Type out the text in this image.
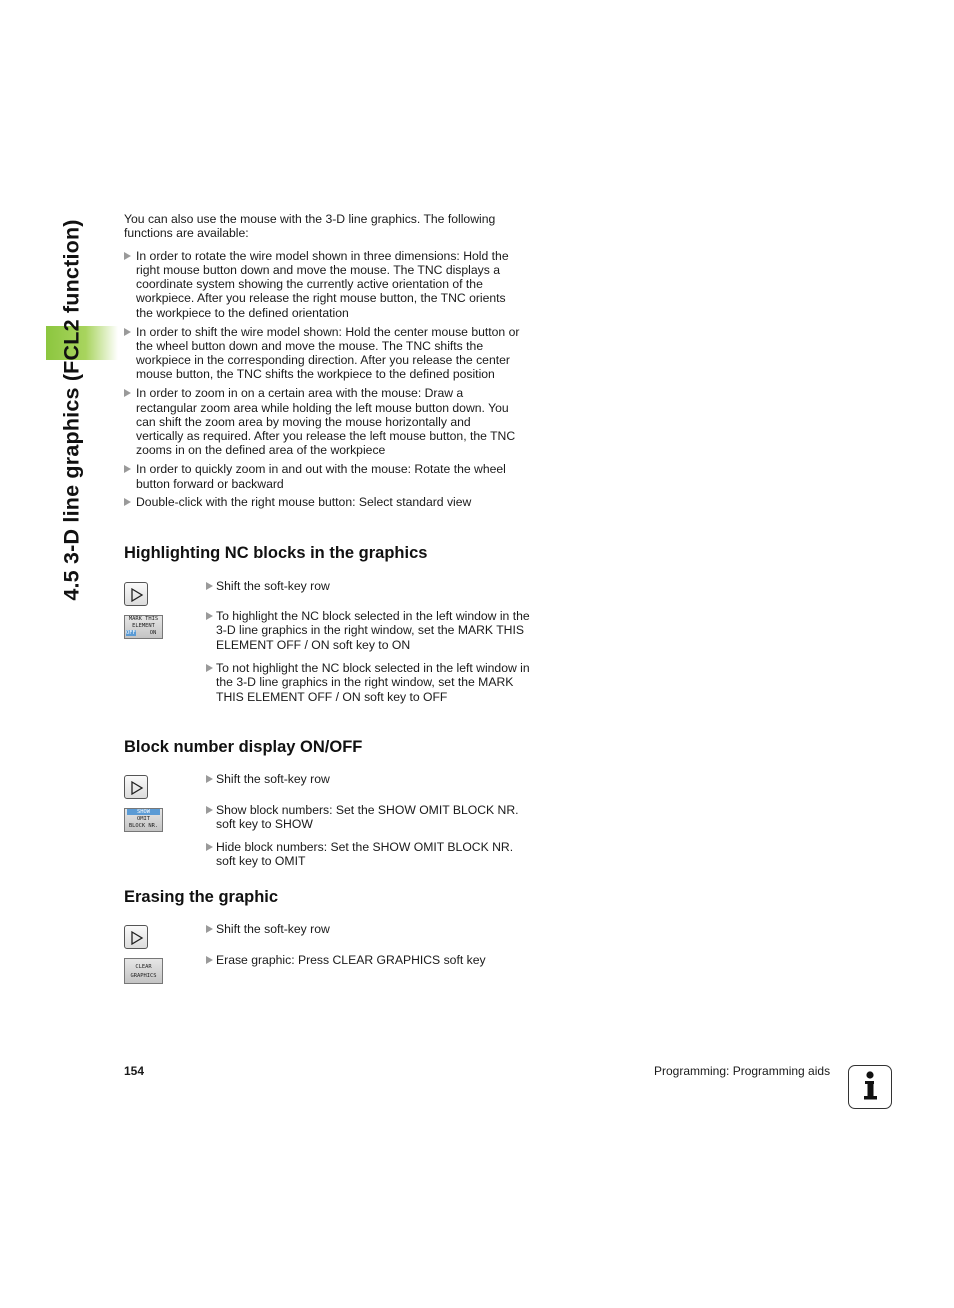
4.5 3-D line graphics (FCL2 function)

You can also use the mouse with the 3-D line graphics. The following functions are available:

In order to rotate the wire model shown in three dimensions: Hold the right mouse button down and move the mouse. The TNC displays a coordinate system showing the currently active orientation of the workpiece. After you release the right mouse button, the TNC orients the workpiece to the defined orientation
In order to shift the wire model shown: Hold the center mouse button or the wheel button down and move the mouse. The TNC shifts the workpiece in the corresponding direction. After you release the center mouse button, the TNC shifts the workpiece to the defined position
In order to zoom in on a certain area with the mouse: Draw a rectangular zoom area while holding the left mouse button down. You can shift the zoom area by moving the mouse horizontally and vertically as required. After you release the left mouse button, the TNC zooms in on the defined area of the workpiece
In order to quickly zoom in and out with the mouse: Rotate the wheel button forward or backward
Double-click with the right mouse button: Select standard view
Highlighting NC blocks in the graphics
MARK THIS
ELEMENT
OFF	ON
Shift the soft-key row
To highlight the NC block selected in the left window in the 3-D line graphics in the right window, set the MARK THIS ELEMENT OFF / ON soft key to ON
To not highlight the NC block selected in the left window in the 3-D line graphics in the right window, set the MARK THIS ELEMENT OFF / ON soft key to OFF
Block number display ON/OFF
SHOW
OMIT
BLOCK NR.
Shift the soft-key row
Show block numbers: Set the SHOW OMIT BLOCK NR. soft key to SHOW
Hide block numbers: Set the SHOW OMIT BLOCK NR. soft key to OMIT
Erasing the graphic
CLEAR
GRAPHICS
Shift the soft-key row
Erase graphic: Press CLEAR GRAPHICS soft key
154	Programming: Programming aids
